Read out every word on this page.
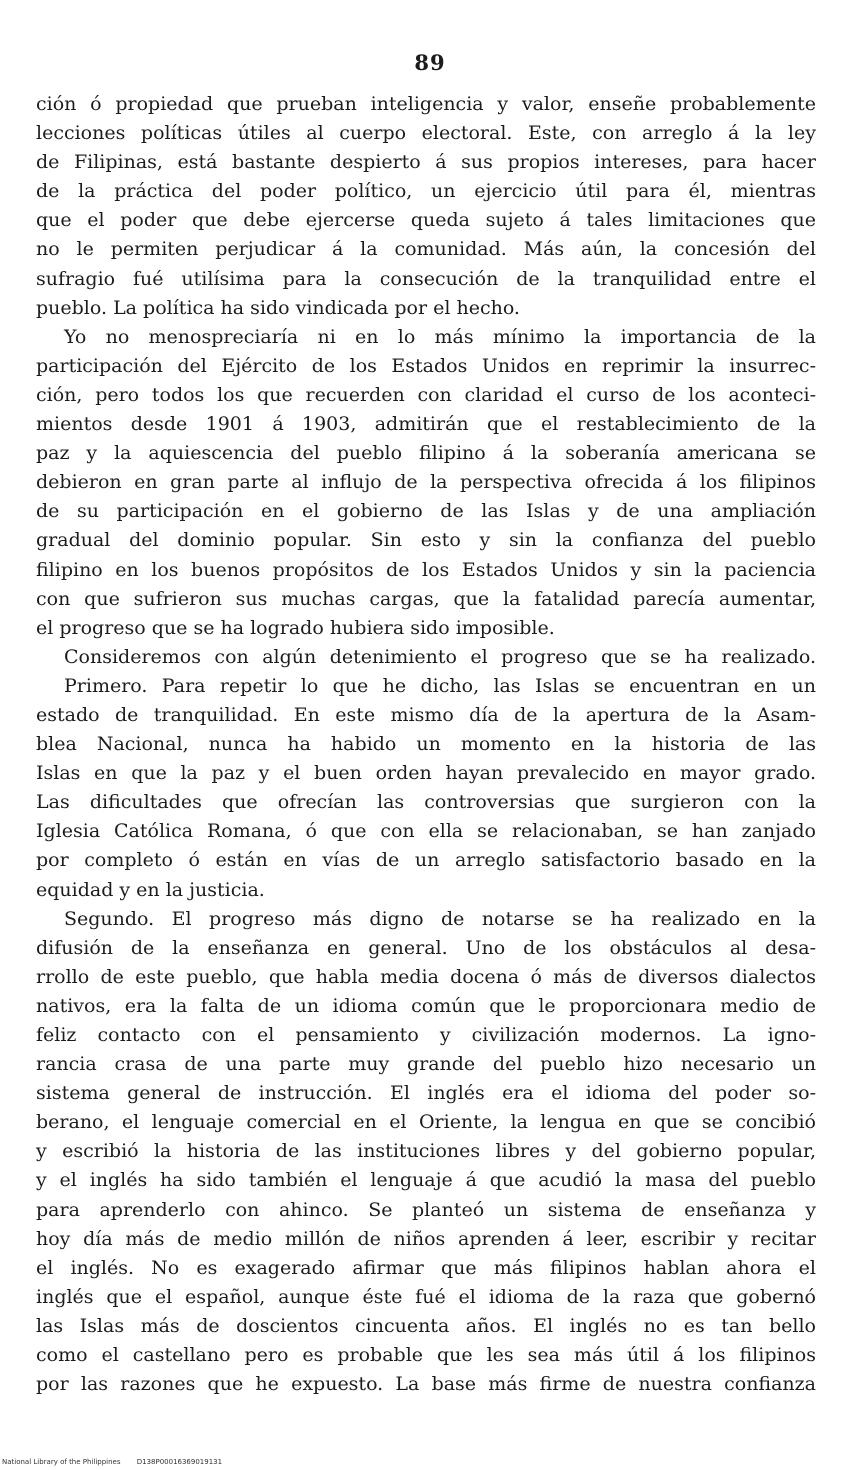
89
ción ó propiedad que prueban inteligencia y valor, enseñe probablemente
lecciones políticas útiles al cuerpo electoral. Este, con arreglo á la ley
de Filipinas, está bastante despierto á sus propios intereses, para hacer
de la práctica del poder político, un ejercicio útil para él, mientras
que el poder que debe ejercerse queda sujeto á tales limitaciones que
no le permiten perjudicar á la comunidad. Más aún, la concesión del
sufragio fué utilísima para la consecución de la tranquilidad entre el
pueblo. La política ha sido vindicada por el hecho.
Yo no menospreciaría ni en lo más mínimo la importancia de la
participación del Ejército de los Estados Unidos en reprimir la insurrec-
ción, pero todos los que recuerden con claridad el curso de los aconteci-
mientos desde 1901 á 1903, admitirán que el restablecimiento de la
paz y la aquiescencia del pueblo filipino á la soberanía americana se
debieron en gran parte al influjo de la perspectiva ofrecida á los filipinos
de su participación en el gobierno de las Islas y de una ampliación
gradual del dominio popular. Sin esto y sin la confianza del pueblo
filipino en los buenos propósitos de los Estados Unidos y sin la paciencia
con que sufrieron sus muchas cargas, que la fatalidad parecía aumentar,
el progreso que se ha logrado hubiera sido imposible.
Consideremos con algún detenimiento el progreso que se ha realizado.
Primero. Para repetir lo que he dicho, las Islas se encuentran en un
estado de tranquilidad. En este mismo día de la apertura de la Asam-
blea Nacional, nunca ha habido un momento en la historia de las
Islas en que la paz y el buen orden hayan prevalecido en mayor grado.
Las dificultades que ofrecían las controversias que surgieron con la
Iglesia Católica Romana, ó que con ella se relacionaban, se han zanjado
por completo ó están en vías de un arreglo satisfactorio basado en la
equidad y en la justicia.
Segundo. El progreso más digno de notarse se ha realizado en la
difusión de la enseñanza en general. Uno de los obstáculos al desa-
rrollo de este pueblo, que habla media docena ó más de diversos dialectos
nativos, era la falta de un idioma común que le proporcionara medio de
feliz contacto con el pensamiento y civilización modernos. La igno-
rancia crasa de una parte muy grande del pueblo hizo necesario un
sistema general de instrucción. El inglés era el idioma del poder so-
berano, el lenguaje comercial en el Oriente, la lengua en que se concibió
y escribió la historia de las instituciones libres y del gobierno popular,
y el inglés ha sido también el lenguaje á que acudió la masa del pueblo
para aprenderlo con ahinco. Se planteó un sistema de enseñanza y
hoy día más de medio millón de niños aprenden á leer, escribir y recitar
el inglés. No es exagerado afirmar que más filipinos hablan ahora el
inglés que el español, aunque éste fué el idioma de la raza que gobernó
las Islas más de doscientos cincuenta años. El inglés no es tan bello
como el castellano pero es probable que les sea más útil á los filipinos
por las razones que he expuesto. La base más firme de nuestra confianza
National Library of the Philippines D138P00016369019131
